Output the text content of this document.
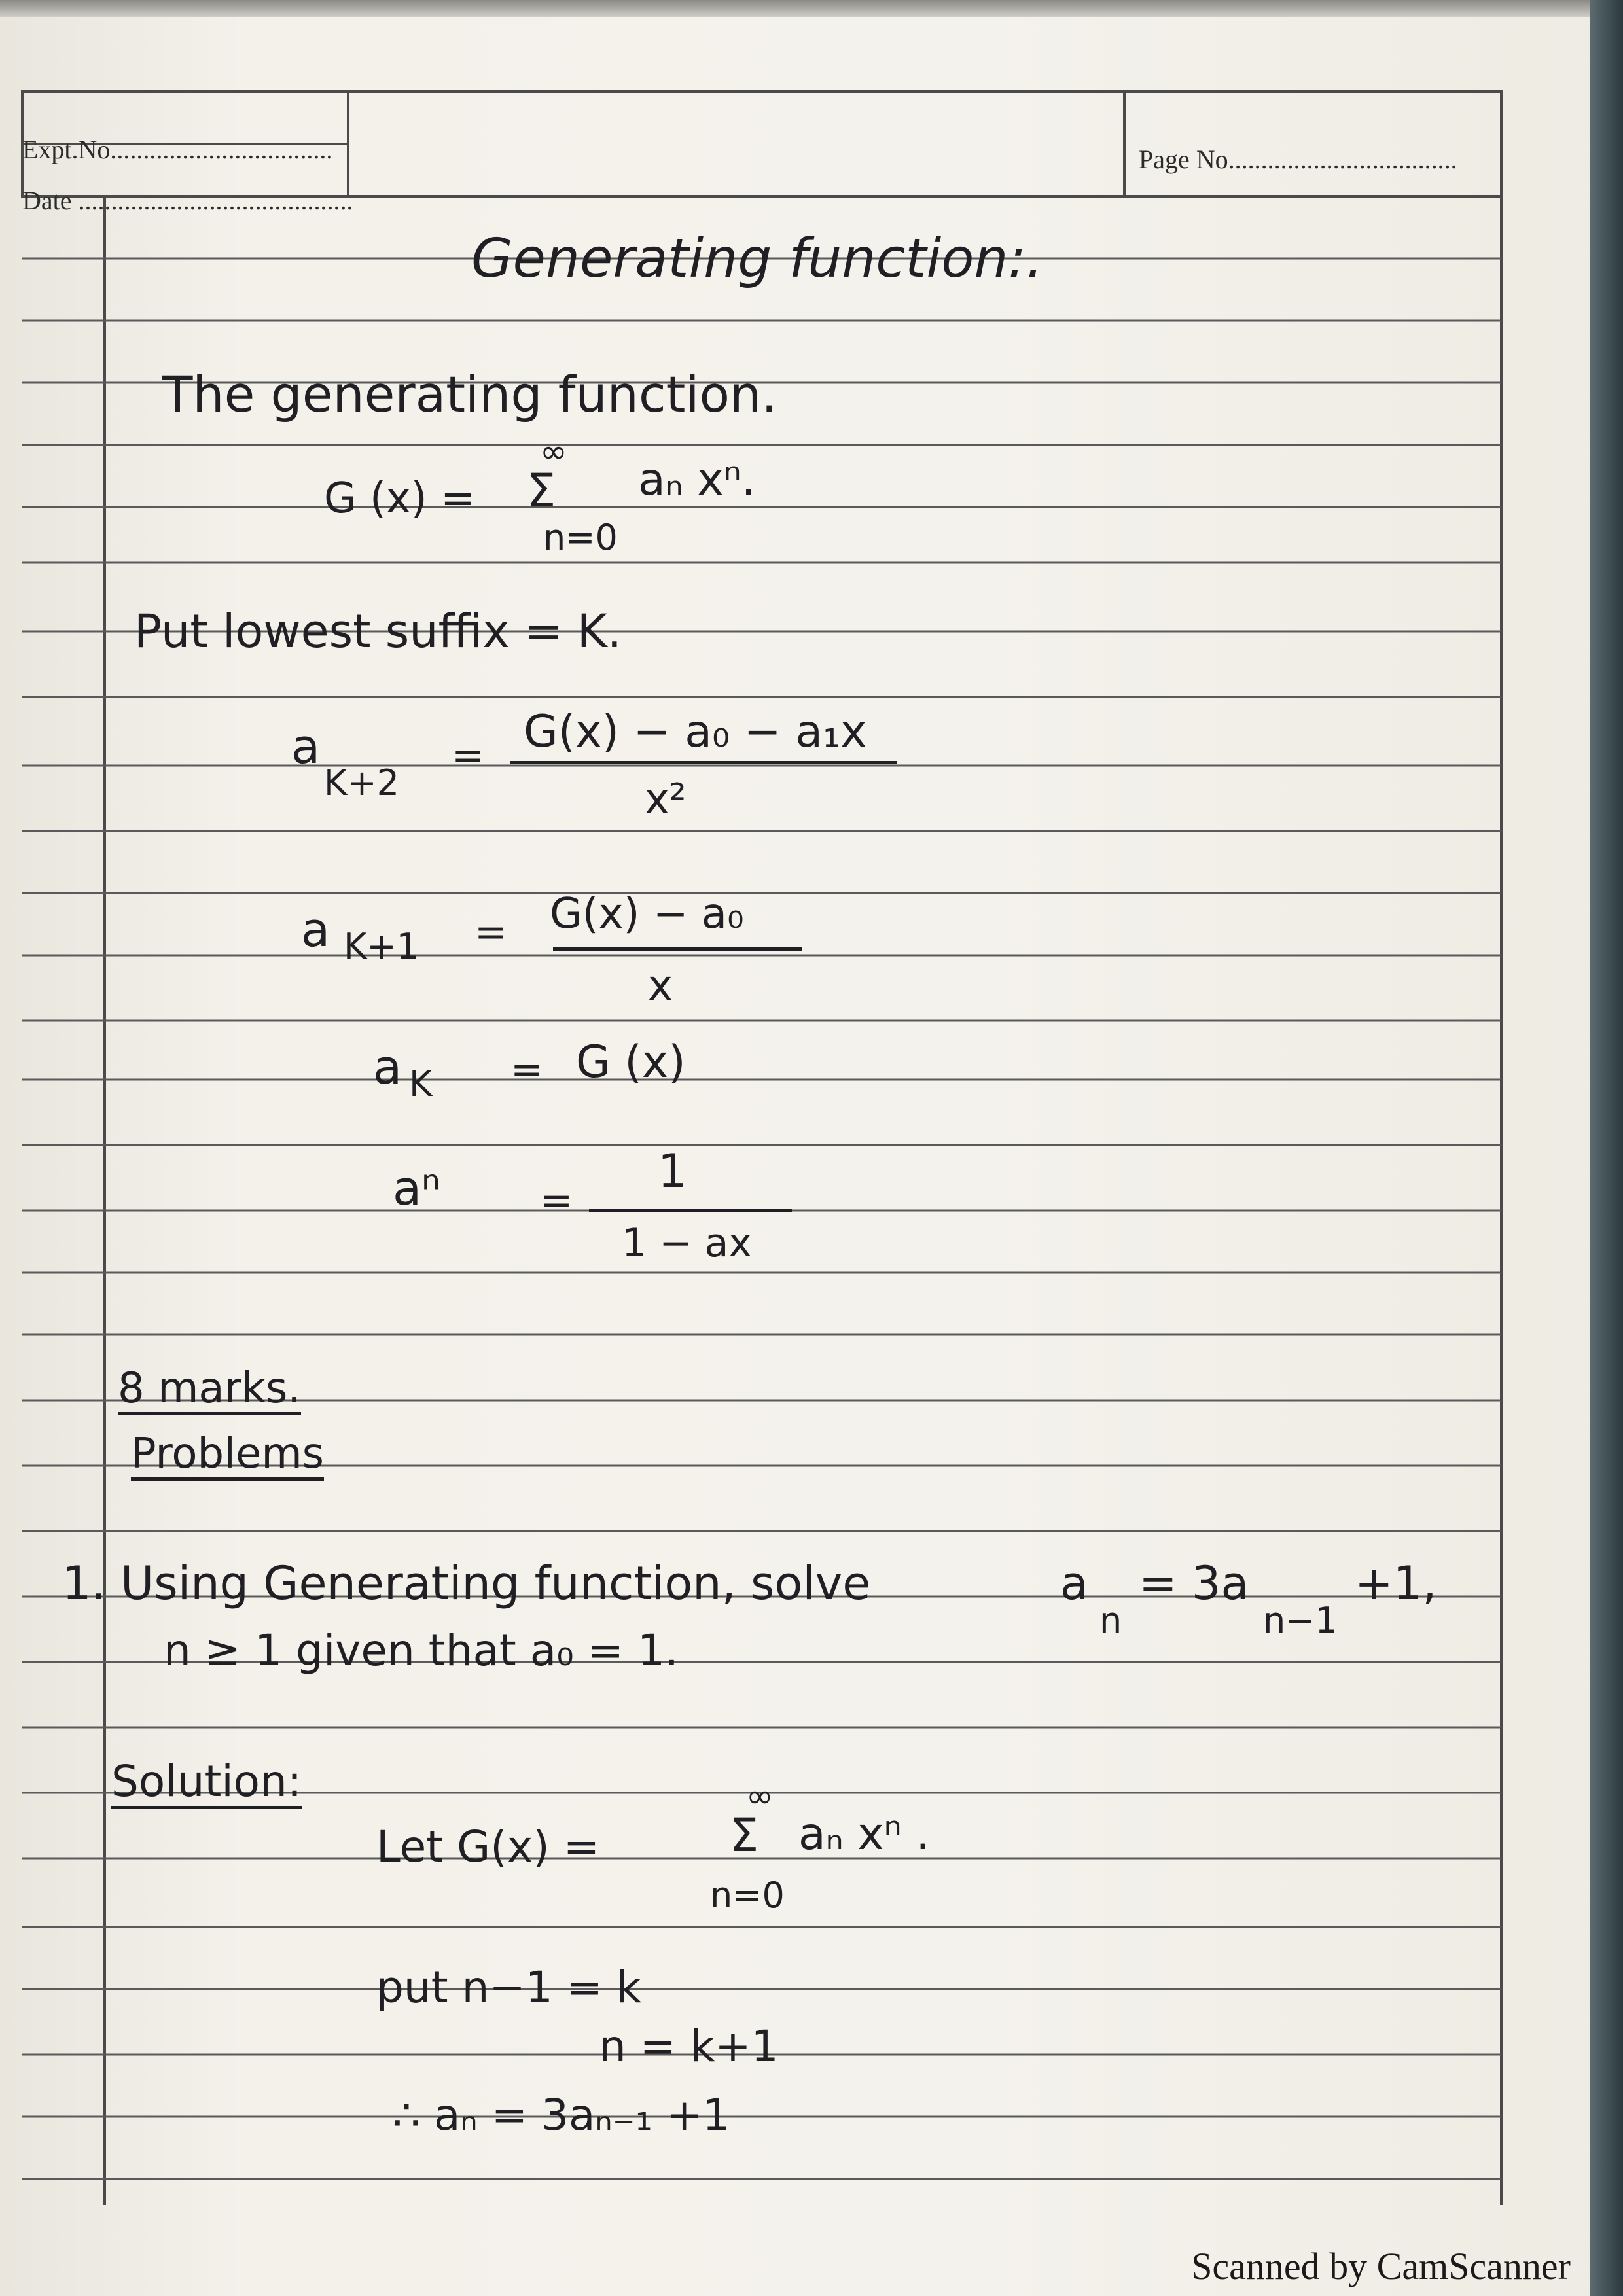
Expt.No..................................
Date ..........................................
Page No...................................
Generating function:.
The generating function.
G (x) =
∞
Σ aₙ xⁿ.
n=0
Put lowest suffix = K.
a
K+2
= G(x) − a₀ − a₁x
x²
a K+1 = G(x) − a₀
x
a K = G (x)
aⁿ	=
1
1 − ax
8 marks.
Problems
1. Using Generating function, solve	a
n
= 3a
n−1
+1,
n ≥ 1 given that a₀ = 1.
Solution:
Let G(x) =
∞
Σ aₙ xⁿ .
n=0
put n−1 = k
n = k+1
∴ aₙ = 3aₙ₋₁ +1
Scanned by CamScanner
